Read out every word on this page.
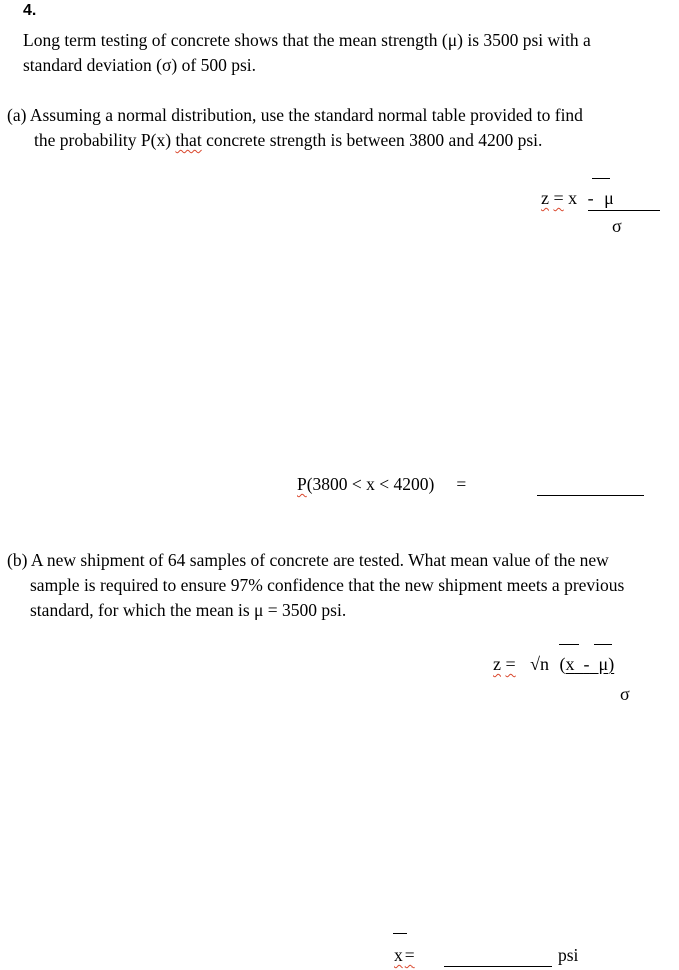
4.
Long term testing of concrete shows that the mean strength (μ) is 3500 psi with a
standard deviation (σ) of 500 psi.
(a) Assuming a normal distribution, use the standard normal table provided to find
the probability P(x) that concrete strength is between 3800 and 4200 psi.
z = x - μ
σ
P(3800 < x < 4200) =
(b) A new shipment of 64 samples of concrete are tested. What mean value of the new
sample is required to ensure 97% confidence that the new shipment meets a previous
standard, for which the mean is μ = 3500 psi.
z = √n (x - μ)
σ
x =	psi
